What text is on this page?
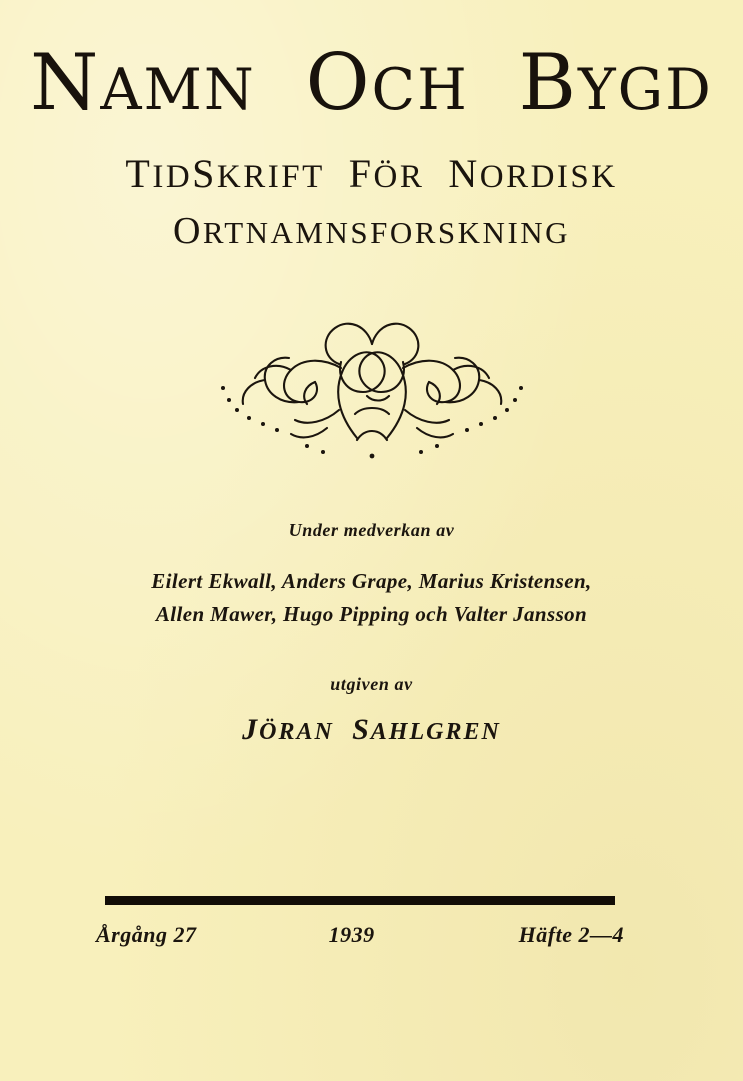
NAMN  OCH  BYGD
TIDSKRIFT  FÖR  NORDISK
ORTNAMNSFORSKNING
Under medverkan av
Eilert Ekwall, Anders Grape, Marius Kristensen,
Allen Mawer, Hugo Pipping och Valter Jansson
utgiven av
JÖRAN  SAHLGREN
Årgång 27	1939	Häfte 2—4
